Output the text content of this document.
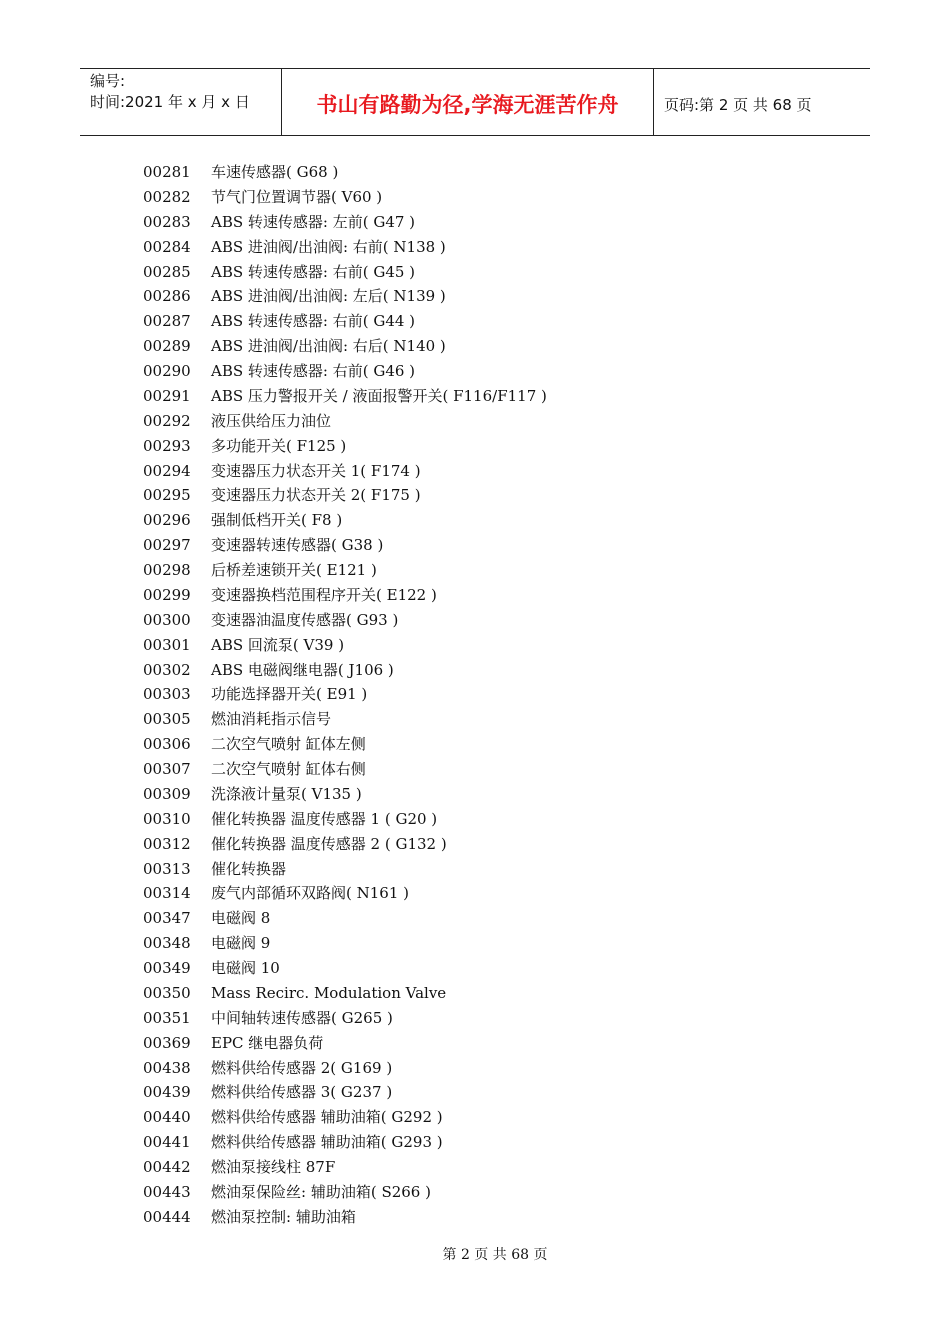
编号:
时间:2021 年 x 月 x 日	书山有路勤为径,学海无涯苦作舟	页码:第 2 页 共 68 页
00281	车速传感器( G68 )
00282	节气门位置调节器( V60 )
00283	ABS 转速传感器: 左前( G47 )
00284	ABS 进油阀/出油阀: 右前( N138 )
00285	ABS 转速传感器: 右前( G45 )
00286	ABS 进油阀/出油阀: 左后( N139 )
00287	ABS 转速传感器: 右前( G44 )
00289	ABS 进油阀/出油阀: 右后( N140 )
00290	ABS 转速传感器: 右前( G46 )
00291	ABS 压力警报开关 / 液面报警开关( F116/F117 )
00292	液压供给压力油位
00293	多功能开关( F125 )
00294	变速器压力状态开关 1( F174 )
00295	变速器压力状态开关 2( F175 )
00296	强制低档开关( F8 )
00297	变速器转速传感器( G38 )
00298	后桥差速锁开关( E121 )
00299	变速器换档范围程序开关( E122 )
00300	变速器油温度传感器( G93 )
00301	ABS 回流泵( V39 )
00302	ABS 电磁阀继电器( J106 )
00303	功能选择器开关( E91 )
00305	燃油消耗指示信号
00306	二次空气喷射 缸体左侧
00307	二次空气喷射 缸体右侧
00309	洗涤液计量泵( V135 )
00310	催化转换器 温度传感器 1 ( G20 )
00312	催化转换器 温度传感器 2 ( G132 )
00313	催化转换器
00314	废气内部循环双路阀( N161 )
00347	电磁阀 8
00348	电磁阀 9
00349	电磁阀 10
00350	Mass Recirc. Modulation Valve
00351	中间轴转速传感器( G265 )
00369	EPC 继电器负荷
00438	燃料供给传感器 2( G169 )
00439	燃料供给传感器 3( G237 )
00440	燃料供给传感器 辅助油箱( G292 )
00441	燃料供给传感器 辅助油箱( G293 )
00442	燃油泵接线柱 87F
00443	燃油泵保险丝: 辅助油箱( S266 )
00444	燃油泵控制: 辅助油箱
第 2 页 共 68 页
